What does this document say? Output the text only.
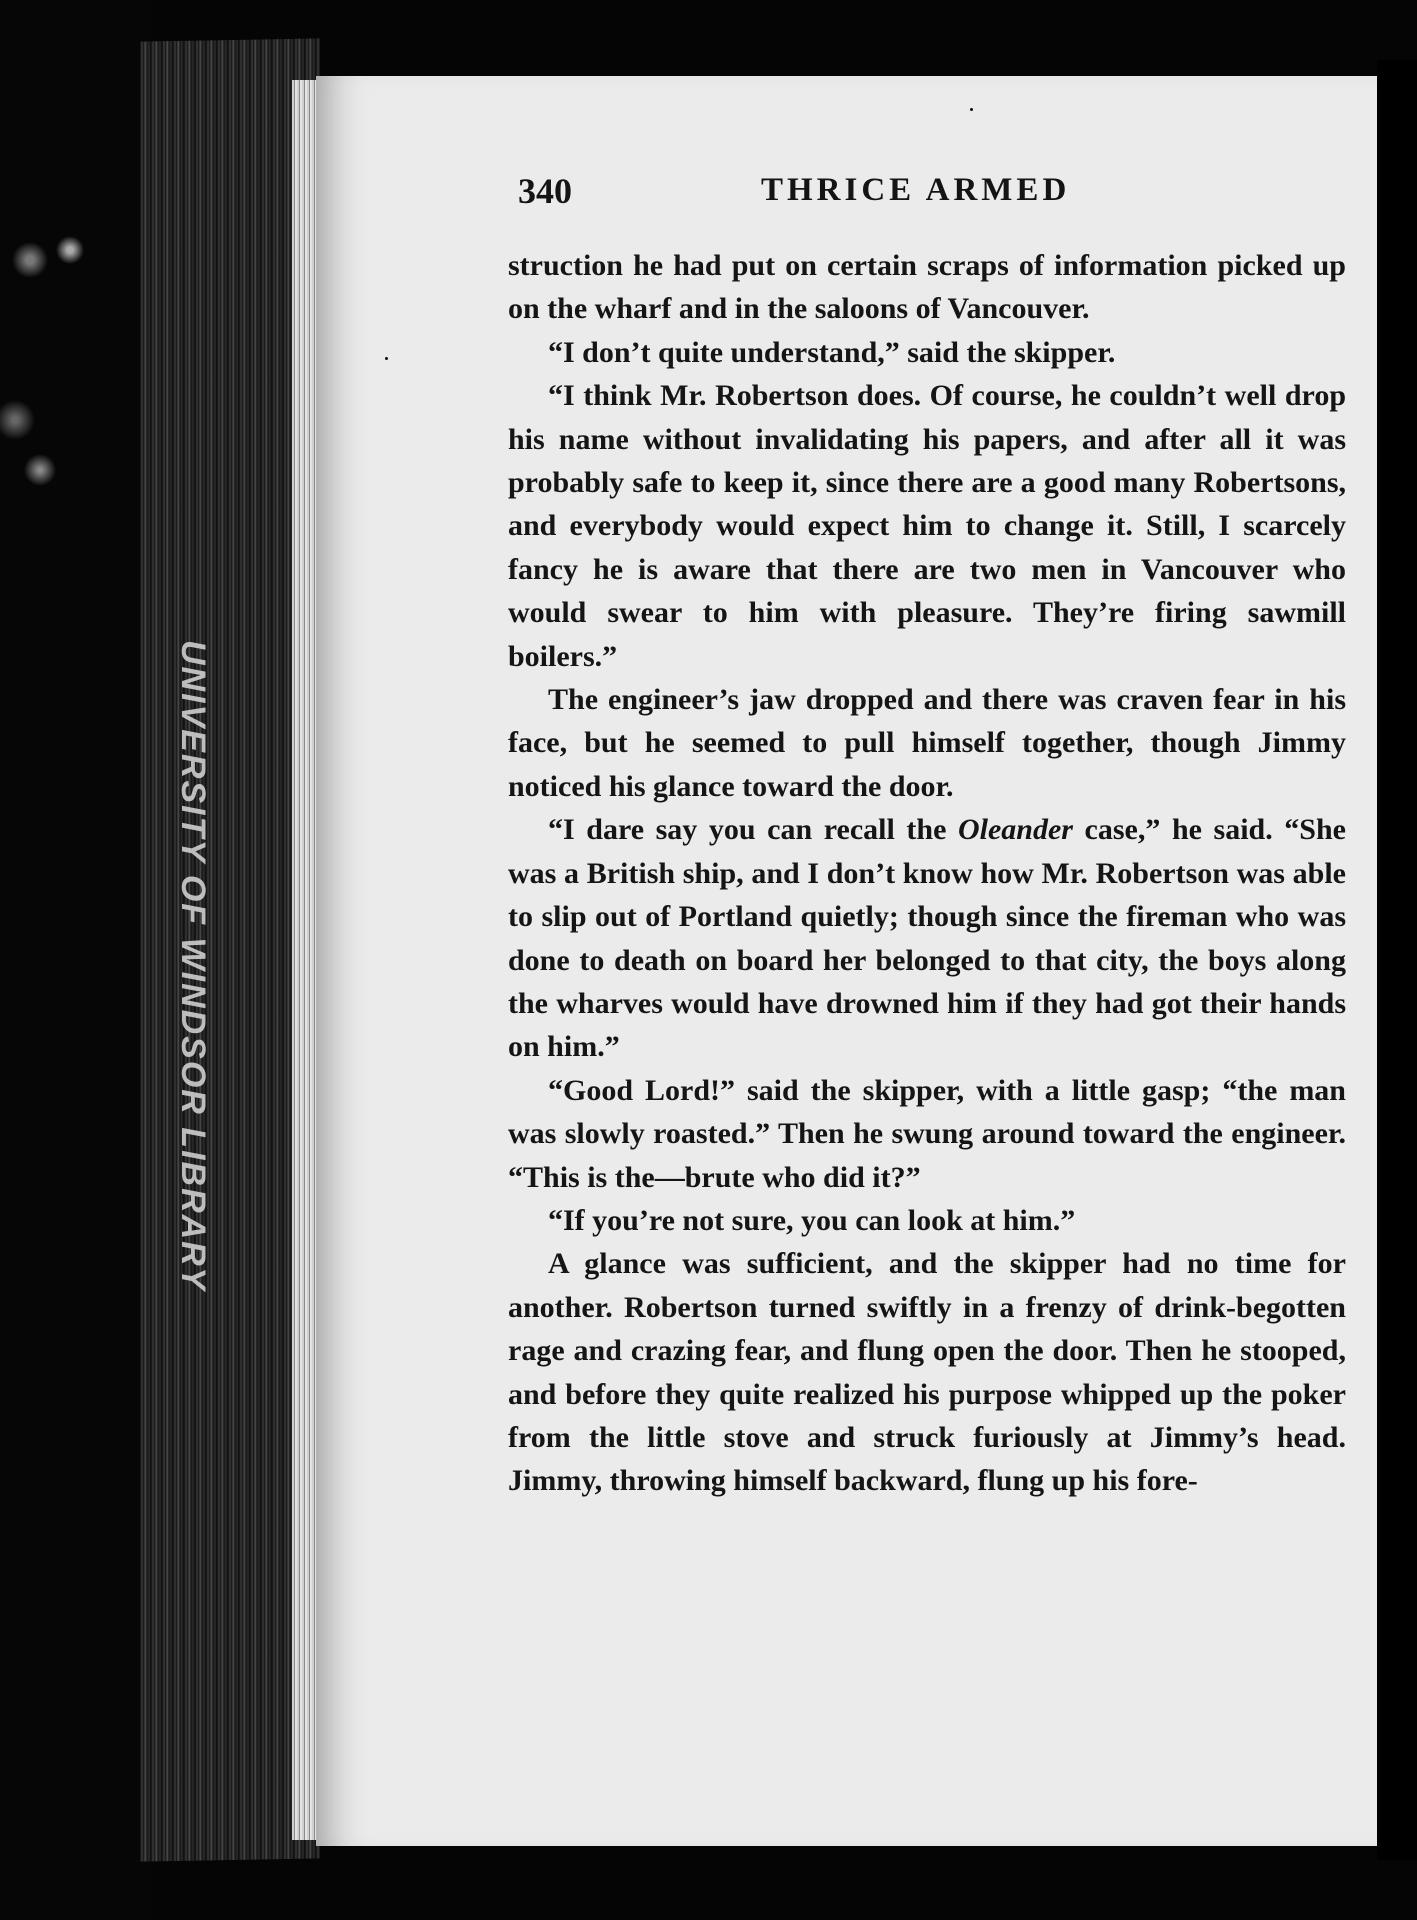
UNIVERSITY OF WINDSOR LIBRARY
340	THRICE ARMED

struction he had put on certain scraps of information picked up on the wharf and in the saloons of Vancouver.

“I don’t quite understand,” said the skipper.

“I think Mr. Robertson does. Of course, he couldn’t well drop his name without invalidating his papers, and after all it was probably safe to keep it, since there are a good many Robertsons, and everybody would expect him to change it. Still, I scarcely fancy he is aware that there are two men in Vancouver who would swear to him with pleasure. They’re firing sawmill boilers.”

The engineer’s jaw dropped and there was craven fear in his face, but he seemed to pull himself together, though Jimmy noticed his glance toward the door.

“I dare say you can recall the Oleander case,” he said. “She was a British ship, and I don’t know how Mr. Robertson was able to slip out of Portland quietly; though since the fireman who was done to death on board her belonged to that city, the boys along the wharves would have drowned him if they had got their hands on him.”

“Good Lord!” said the skipper, with a little gasp; “the man was slowly roasted.” Then he swung around toward the engineer. “This is the—brute who did it?”

“If you’re not sure, you can look at him.”

A glance was sufficient, and the skipper had no time for another. Robertson turned swiftly in a frenzy of drink-begotten rage and crazing fear, and flung open the door. Then he stooped, and before they quite realized his purpose whipped up the poker from the little stove and struck furiously at Jimmy’s head. Jimmy, throwing himself backward, flung up his fore-
